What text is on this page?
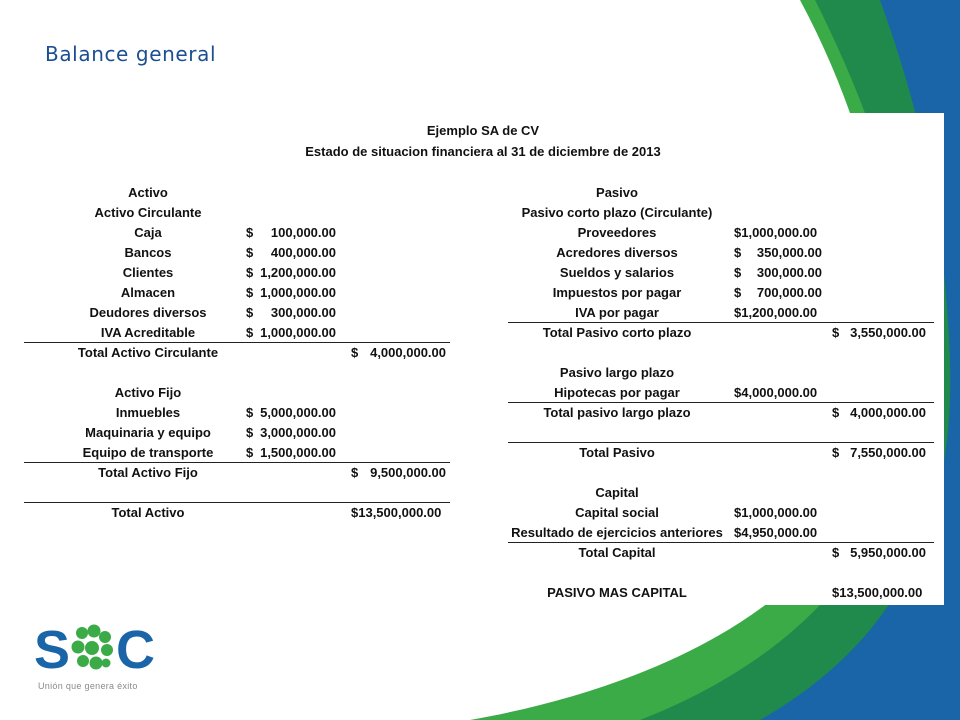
Balance general
Ejemplo SA de CV
Estado de situacion financiera al 31 de diciembre de 2013
Activo
Activo Circulante
Caja	$ 100,000.00
Bancos	$ 400,000.00
Clientes	$ 1,200,000.00
Almacen	$ 1,000,000.00
Deudores diversos	$ 300,000.00
IVA Acreditable	$ 1,000,000.00
Total Activo Circulante	$ 4,000,000.00
Activo Fijo
Inmuebles	$ 5,000,000.00
Maquinaria y equipo	$ 3,000,000.00
Equipo de transporte	$ 1,500,000.00
Total Activo Fijo	$ 9,500,000.00
Total Activo	$13,500,000.00
Pasivo
Pasivo corto plazo (Circulante)
Proveedores	$1,000,000.00
Acredores diversos	$ 350,000.00
Sueldos y salarios	$ 300,000.00
Impuestos por pagar	$ 700,000.00
IVA por pagar	$1,200,000.00
Total Pasivo corto plazo	$ 3,550,000.00
Pasivo largo plazo
Hipotecas por pagar	$4,000,000.00
Total pasivo largo plazo	$ 4,000,000.00
Total Pasivo	$ 7,550,000.00
Capital
Capital social	$1,000,000.00
Resultado de ejercicios anteriores $4,950,000.00
Total Capital	$ 5,950,000.00
PASIVO MAS CAPITAL	$13,500,000.00
S C
Unión que genera éxito
